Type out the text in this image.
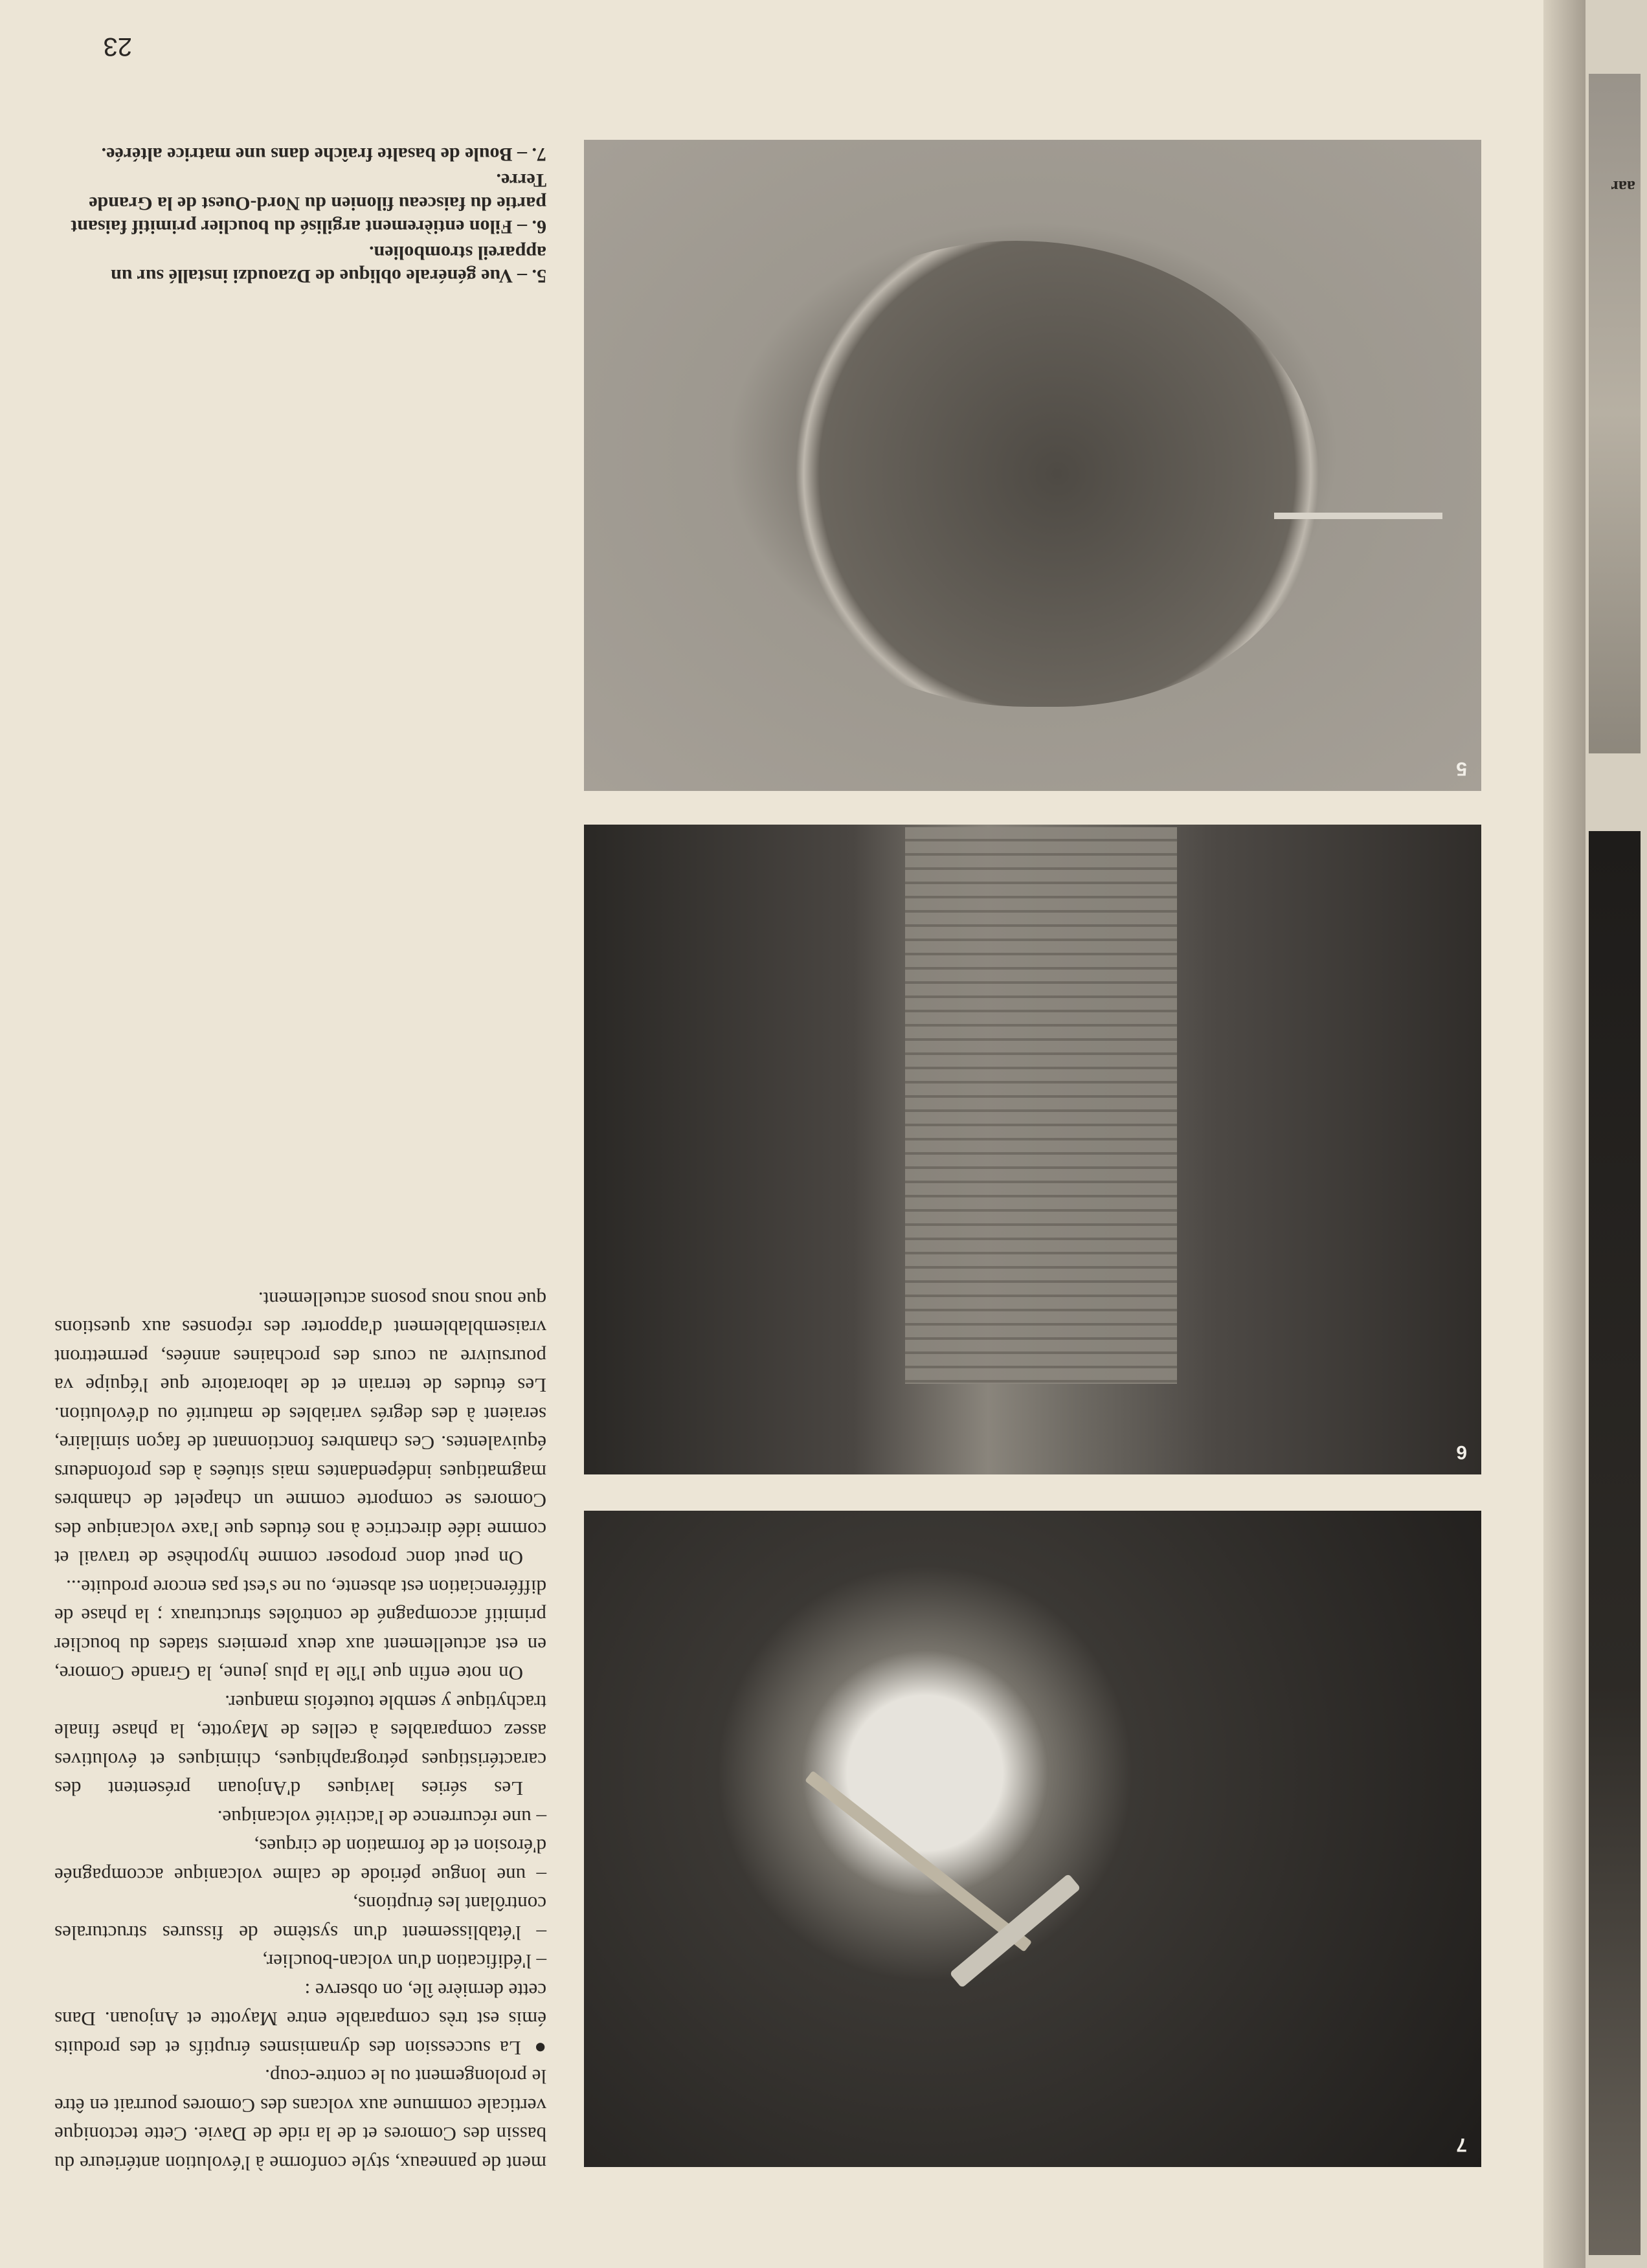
aar
7
6
5

ment de panneaux, style conforme à l'évolution antérieure du bassin des Comores et de la ride de Davie. Cette tectonique verticale commune aux volcans des Comores pourrait en être le prolongement ou le contre-coup.

● La succession des dynamismes éruptifs et des produits émis est très comparable entre Mayotte et Anjouan. Dans cette dernière île, on observe :

– l'édification d'un volcan-bouclier,

– l'établissement d'un système de fissures structurales contrôlant les éruptions,

– une longue période de calme volcanique accompagnée d'érosion et de formation de cirques,

– une récurrence de l'activité volcanique.

Les séries laviques d'Anjouan présentent des caractéristiques pétrographiques, chimiques et évolutives assez comparables à celles de Mayotte, la phase finale trachytique y semble toutefois manquer.

On note enfin que l'île la plus jeune, la Grande Comore, en est actuellement aux deux premiers stades du bouclier primitif accompagné de contrôles structuraux ; la phase de différenciation est absente, ou ne s'est pas encore produite...

On peut donc proposer comme hypothèse de travail et comme idée directrice à nos études que l'axe volcanique des Comores se comporte comme un chapelet de chambres magmatiques indépendantes mais situées à des profondeurs équivalentes. Ces chambres fonctionnant de façon similaire, seraient à des degrés variables de maturité ou d'évolution. Les études de terrain et de laboratoire que l'équipe va poursuivre au cours des prochaines années, permettront vraisemblablement d'apporter des réponses aux questions que nous nous posons actuellement.

5. – Vue générale oblique de Dzaoudzi installé sur un appareil strombolien.

6. – Filon entièrement argilisé du bouclier primitif faisant partie du faisceau filonien du Nord-Ouest de la Grande Terre.

7. – Boule de basalte fraîche dans une matrice altérée.

23
